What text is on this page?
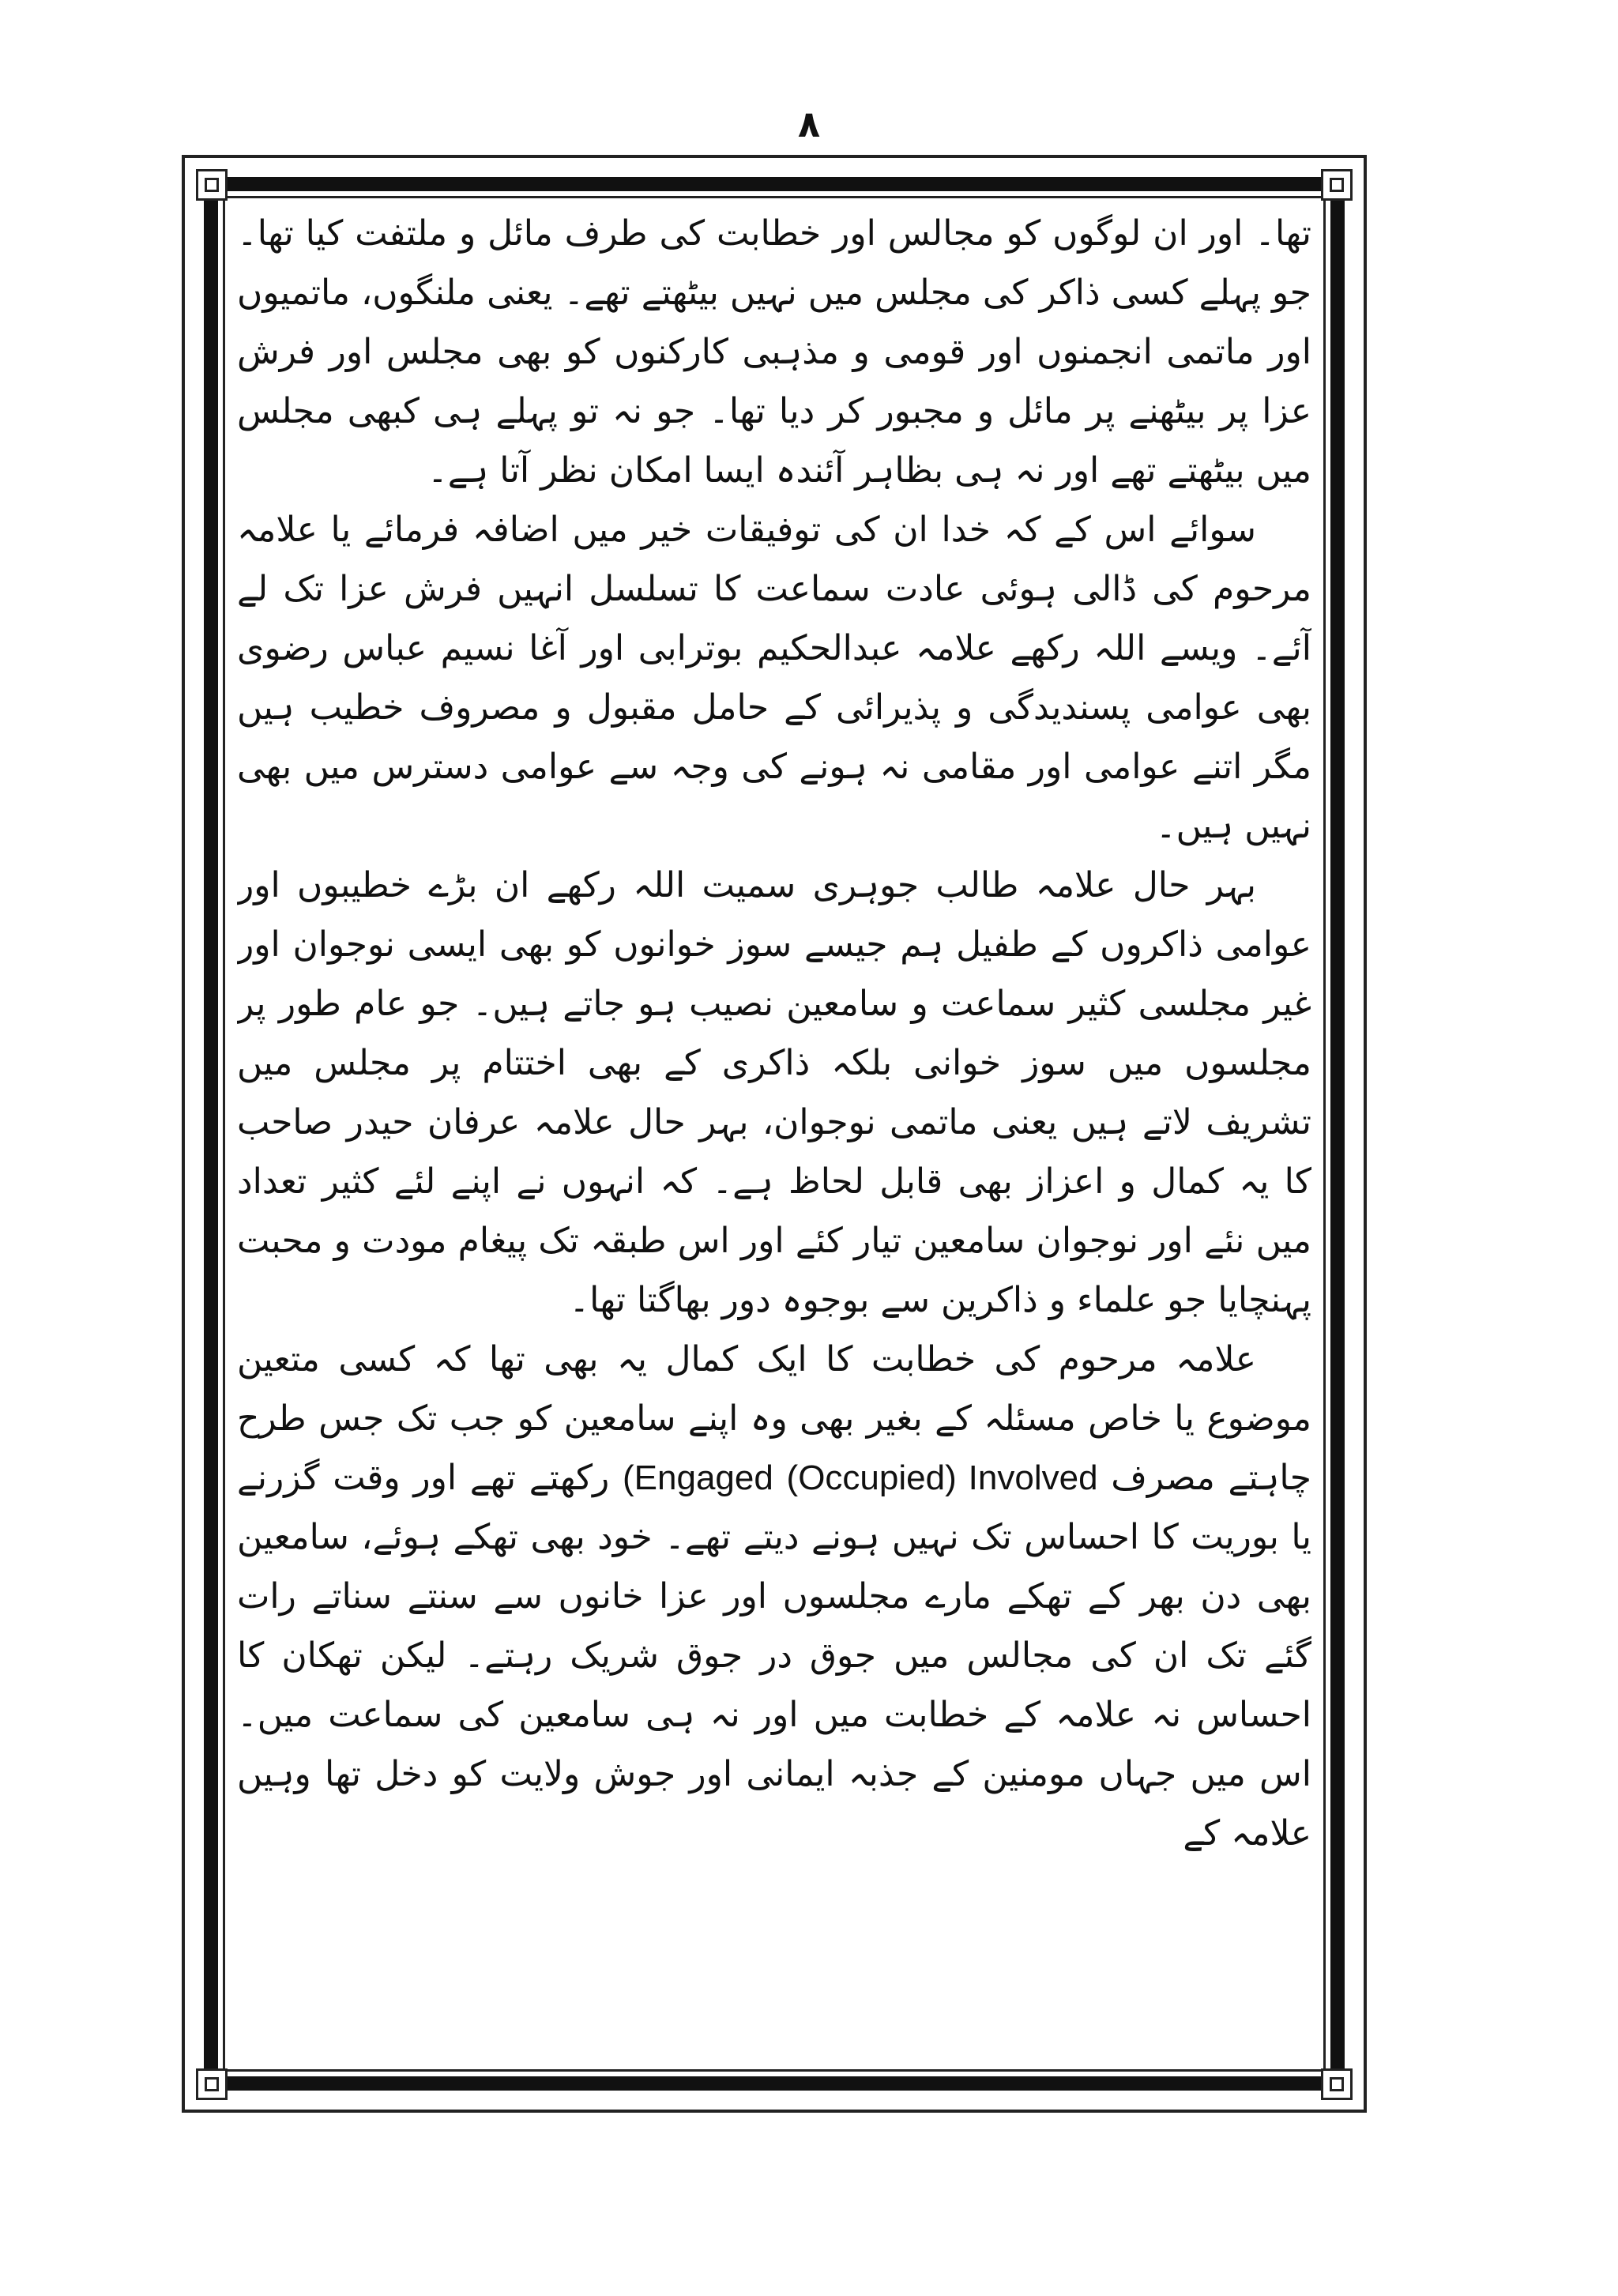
۸

تھا۔ اور ان لوگوں کو مجالس اور خطابت کی طرف مائل و ملتفت کیا تھا۔ جو پہلے کسی ذاکر کی مجلس میں نہیں بیٹھتے تھے۔ یعنی ملنگوں، ماتمیوں اور ماتمی انجمنوں اور قومی و مذہبی کارکنوں کو بھی مجلس اور فرش عزا پر بیٹھنے پر مائل و مجبور کر دیا تھا۔ جو نہ تو پہلے ہی کبھی مجلس میں بیٹھتے تھے اور نہ ہی بظاہر آئندہ ایسا امکان نظر آتا ہے۔

سوائے اس کے کہ خدا ان کی توفیقات خیر میں اضافہ فرمائے یا علامہ مرحوم کی ڈالی ہوئی عادت سماعت کا تسلسل انہیں فرش عزا تک لے آئے۔ ویسے اللہ رکھے علامہ عبدالحکیم بوترابی اور آغا نسیم عباس رضوی بھی عوامی پسندیدگی و پذیرائی کے حامل مقبول و مصروف خطیب ہیں مگر اتنے عوامی اور مقامی نہ ہونے کی وجہ سے عوامی دسترس میں بھی نہیں ہیں۔

بہر حال علامہ طالب جوہری سمیت اللہ رکھے ان بڑے خطیبوں اور عوامی ذاکروں کے طفیل ہم جیسے سوز خوانوں کو بھی ایسی نوجوان اور غیر مجلسی کثیر سماعت و سامعین نصیب ہو جاتے ہیں۔ جو عام طور پر مجلسوں میں سوز خوانی بلکہ ذاکری کے بھی اختتام پر مجلس میں تشریف لاتے ہیں یعنی ماتمی نوجوان، بہر حال علامہ عرفان حیدر صاحب کا یہ کمال و اعزاز بھی قابل لحاظ ہے۔ کہ انہوں نے اپنے لئے کثیر تعداد میں نئے اور نوجوان سامعین تیار کئے اور اس طبقہ تک پیغام مودت و محبت پہنچایا جو علماء و ذاکرین سے بوجوہ دور بھاگتا تھا۔

علامہ مرحوم کی خطابت کا ایک کمال یہ بھی تھا کہ کسی متعین موضوع یا خاص مسئلہ کے بغیر بھی وہ اپنے سامعین کو جب تک جس طرح چاہتے مصرف (Engaged (Occupied) Involved رکھتے تھے اور وقت گزرنے یا بوریت کا احساس تک نہیں ہونے دیتے تھے۔ خود بھی تھکے ہوئے، سامعین بھی دن بھر کے تھکے مارے مجلسوں اور عزا خانوں سے سنتے سناتے رات گئے تک ان کی مجالس میں جوق در جوق شریک رہتے۔ لیکن تھکان کا احساس نہ علامہ کے خطابت میں اور نہ ہی سامعین کی سماعت میں۔ اس میں جہاں مومنین کے جذبہ ایمانی اور جوش ولایت کو دخل تھا وہیں علامہ کے
